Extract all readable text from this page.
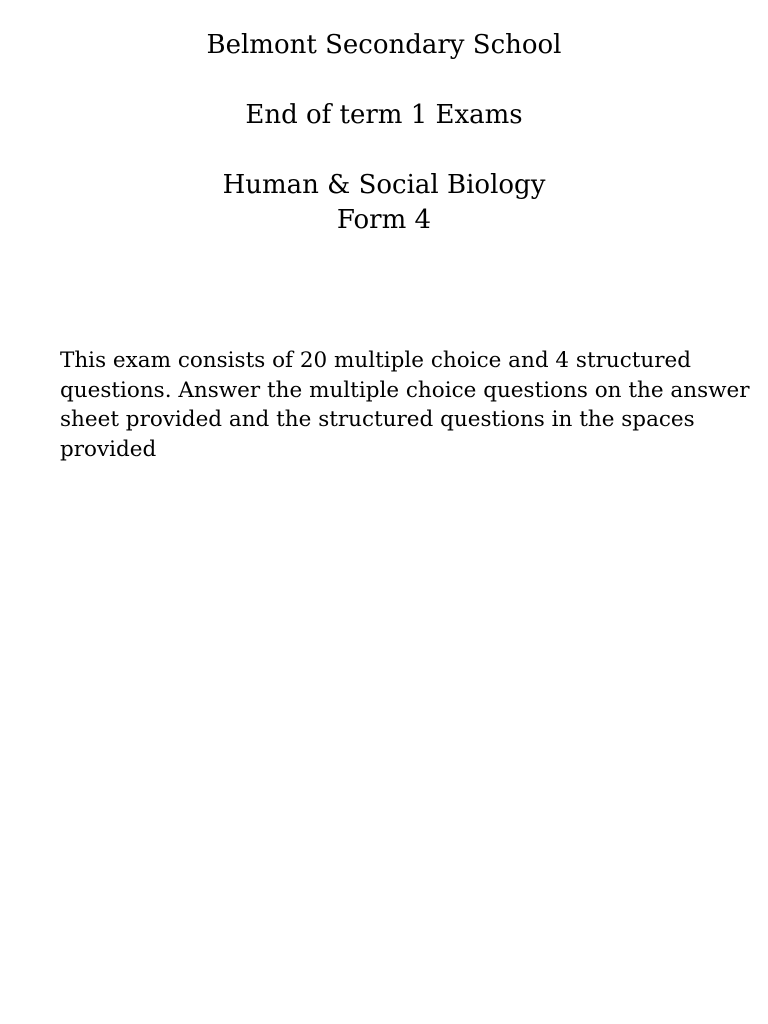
Belmont Secondary School
End of term 1 Exams
Human & Social Biology
Form 4
This exam consists of 20 multiple choice and 4 structured
questions. Answer the multiple choice questions on the answer
sheet provided and the structured questions in the spaces
provided
